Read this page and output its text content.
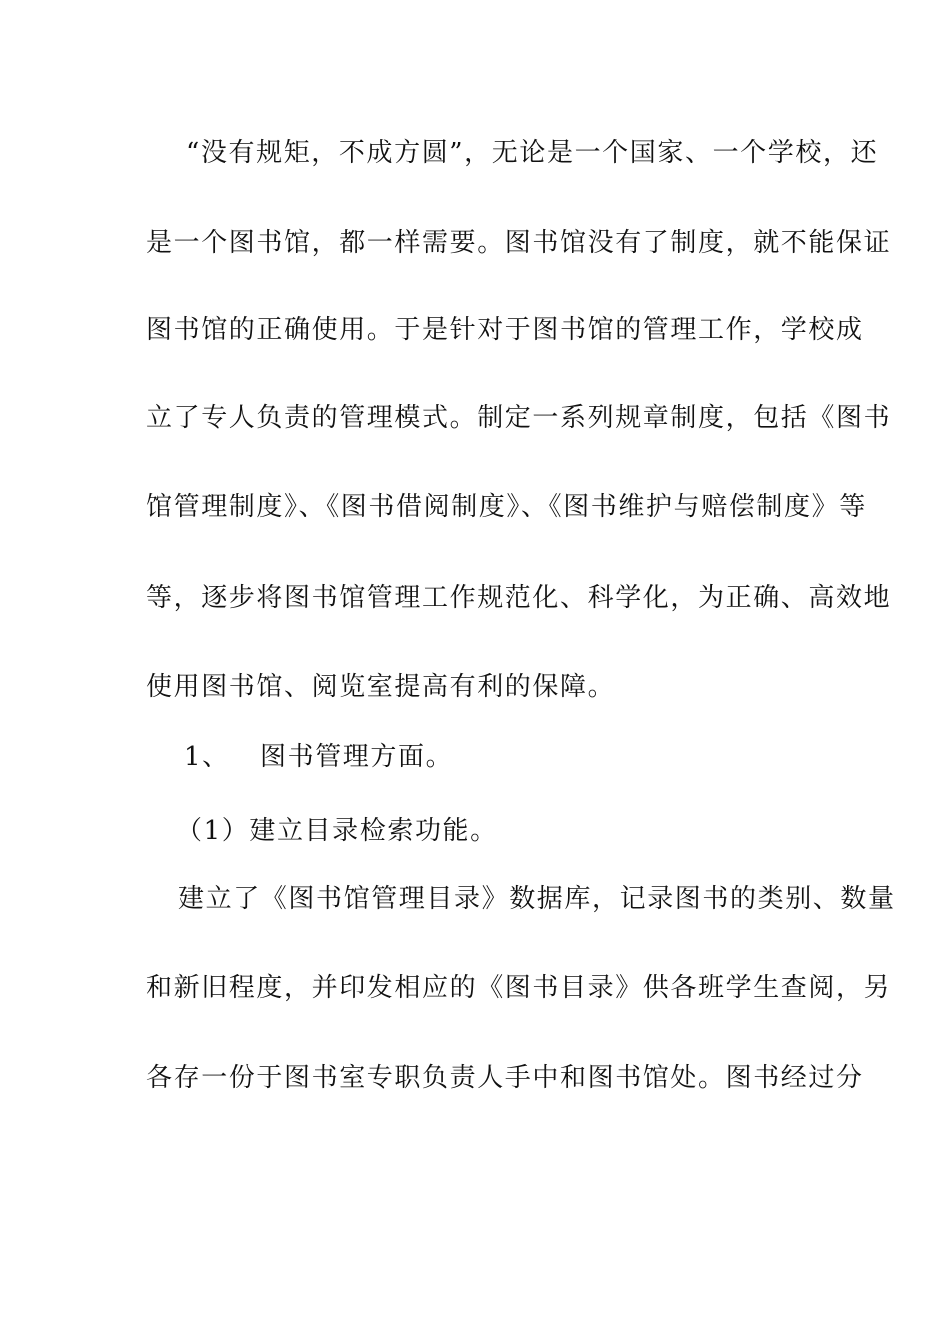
“没有规矩，不成方圆”，无论是一个国家、一个学校，还
是一个图书馆，都一样需要。图书馆没有了制度，就不能保证
图书馆的正确使用。于是针对于图书馆的管理工作，学校成
立了专人负责的管理模式。制定一系列规章制度，包括《图书
馆管理制度》、《图书借阅制度》、《图书维护与赔偿制度》等
等，逐步将图书馆管理工作规范化、科学化，为正确、高效地
使用图书馆、阅览室提高有利的保障。
1、 图书管理方面。
（1）建立目录检索功能。
建立了《图书馆管理目录》数据库，记录图书的类别、数量
和新旧程度，并印发相应的《图书目录》供各班学生查阅，另
各存一份于图书室专职负责人手中和图书馆处。图书经过分
